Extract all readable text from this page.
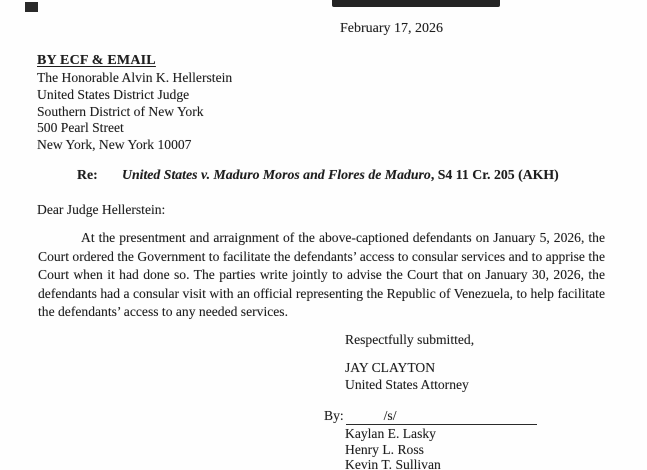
February 17, 2026
BY ECF & EMAIL
The Honorable Alvin K. Hellerstein
United States District Judge
Southern District of New York
500 Pearl Street
New York, New York 10007
Re: United States v. Maduro Moros and Flores de Maduro, S4 11 Cr. 205 (AKH)
Dear Judge Hellerstein:
At the presentment and arraignment of the above-captioned defendants on January 5, 2026, the Court ordered the Government to facilitate the defendants’ access to consular services and to apprise the Court when it had done so. The parties write jointly to advise the Court that on January 30, 2026, the defendants had a consular visit with an official representing the Republic of Venezuela, to help facilitate the defendants’ access to any needed services.
Respectfully submitted,
JAY CLAYTON
United States Attorney
By:	/s/
Kaylan E. Lasky
Henry L. Ross
Kevin T. Sullivan
